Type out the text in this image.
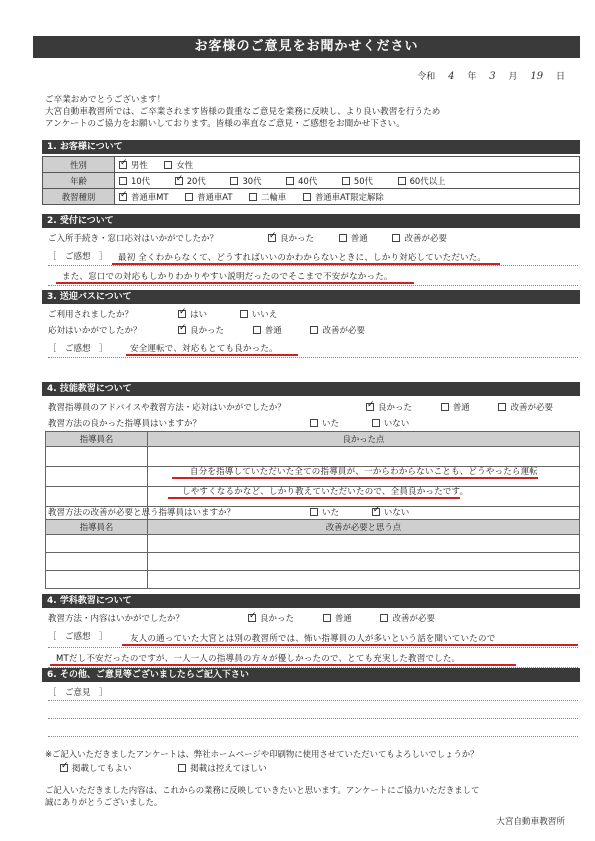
お客様のご意見をお聞かせください
令和 4 年 3 月 19 日
ご卒業おめでとうございます！
大宮自動車教習所では、ご卒業されます皆様の貴重なご意見を業務に反映し、より良い教習を行うため
アンケートのご協力をお願いしております。皆様の率直なご意見・ご感想をお聞かせ下さい。
1. お客様について
性別	✓男性 女性
年齢	10代 ✓ 20代 30代 40代 50代 60代以上
教習種別	✓普通車MT 普通車AT 二輪車 普通車AT限定解除
2. 受付について
ご入所手続き・窓口応対はいかがでしたか？ ✓	良かった	普通	改善が必要
［　ご感想　］ 最初 全くわからなくて、どうすればいいのかわからないときに、しかり対応していただいた。
また、窓口での対応もしかりわかりやすい説明だったのでそこまで不安がなかった。
3. 送迎バスについて
ご利用されましたか？ ✓	はい	いいえ
応対はいかがでしたか？ ✓	良かった	普通	改善が必要
［　ご感想　］	安全運転で、対応もとても良かった。
4. 技能教習について
教習指導員のアドバイスや教習方法・応対はいかがでしたか？ ✓	良かった	普通	改善が必要
教習方法の良かった指導員はいますか？	いた	いない
指導員名	良かった点

自分を指導していただいた全ての指導員が、一からわからないことも、どうやったら運転
しやすくなるかなど、しかり教えていただいたので、全員良かったです。
教習方法の改善が必要と思う指導員はいますか？	いた ✓	いない
指導員名	改善が必要と思う点

4. 学科教習について
教習方法・内容はいかがでしたか？ ✓	良かった	普通	改善が必要
［　ご感想　］	友人の通っていた大宮とは別の教習所では、怖い指導員の人が多いという話を聞いていたので
MTだし不安だったのですが、一人一人の指導員の方々が優しかったので、とても充実した教習でした。
6. その他、ご意見等ございましたらご記入下さい
［　ご意見　］
※ご記入いただきましたアンケートは、弊社ホームページや印刷物に使用させていただいてもよろしいでしょうか？
✓掲載してもよい	掲載は控えてほしい
ご記入いただきました内容は、これからの業務に反映していきたいと思います。アンケートにご協力いただきまして
誠にありがとうございました。
大宮自動車教習所
